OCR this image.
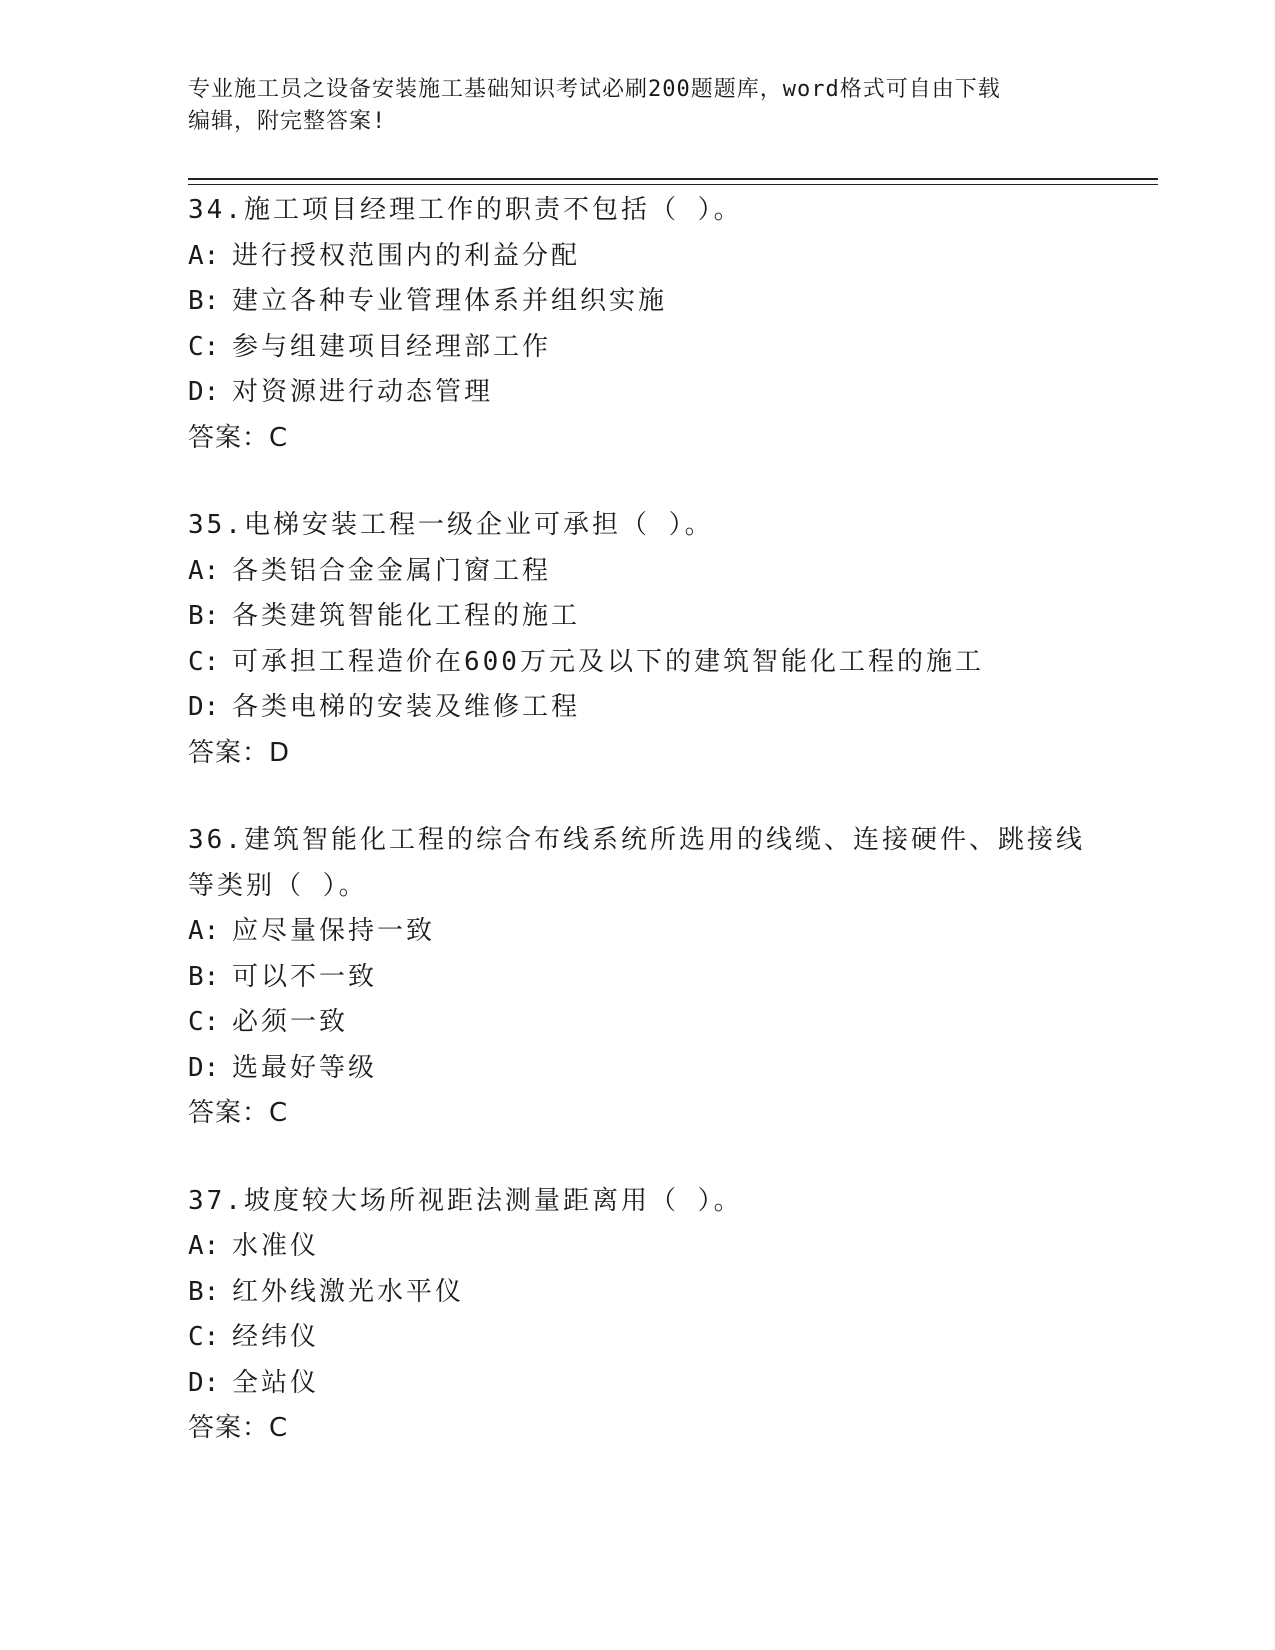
专业施工员之设备安装施工基础知识考试必刷200题题库，word格式可自由下载
编辑，附完整答案!
34.施工项目经理工作的职责不包括（ ）。
A: 进行授权范围内的利益分配
B: 建立各种专业管理体系并组织实施
C: 参与组建项目经理部工作
D: 对资源进行动态管理
答案：C
35.电梯安装工程一级企业可承担（ ）。
A: 各类铝合金金属门窗工程
B: 各类建筑智能化工程的施工
C: 可承担工程造价在600万元及以下的建筑智能化工程的施工
D: 各类电梯的安装及维修工程
答案：D
36.建筑智能化工程的综合布线系统所选用的线缆、连接硬件、跳接线
等类别（ ）。
A: 应尽量保持一致
B: 可以不一致
C: 必须一致
D: 选最好等级
答案：C
37.坡度较大场所视距法测量距离用（ ）。
A: 水准仪
B: 红外线激光水平仪
C: 经纬仪
D: 全站仪
答案：C
